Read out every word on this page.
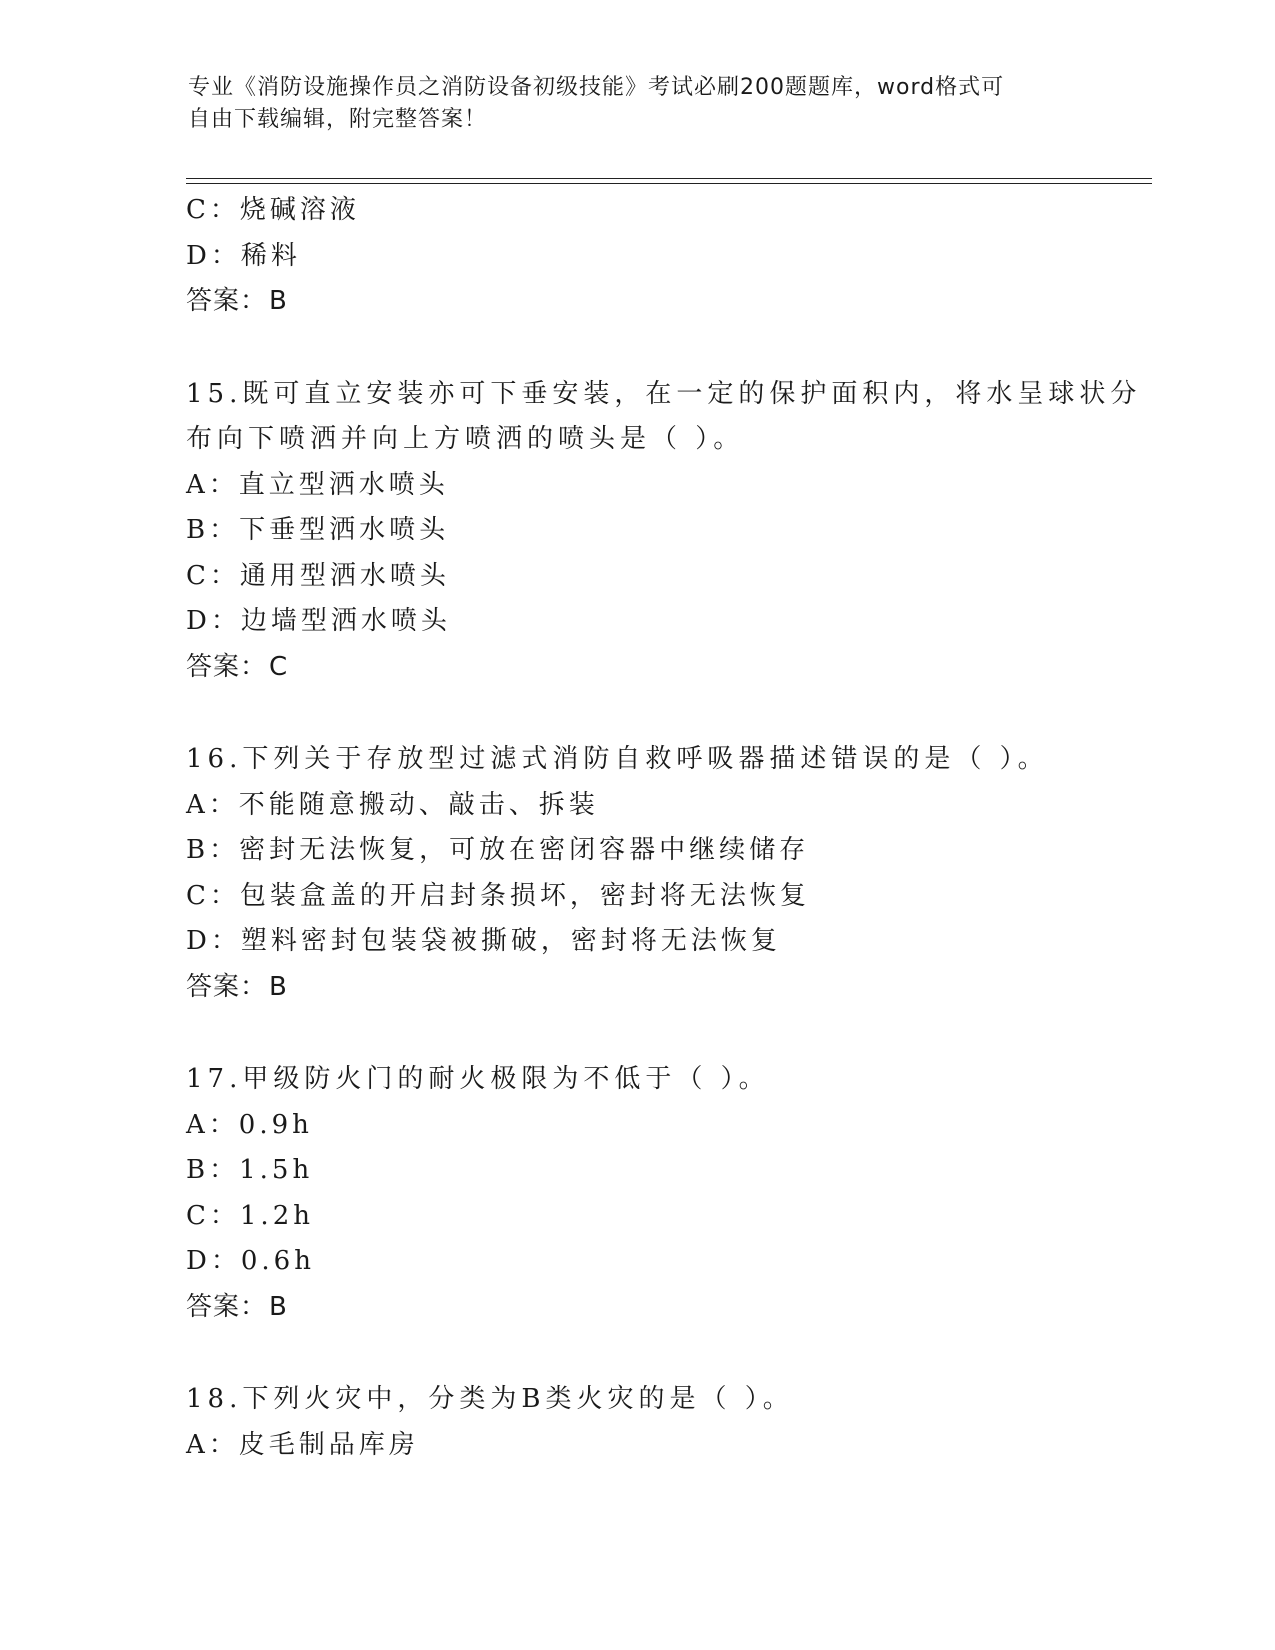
专业《消防设施操作员之消防设备初级技能》考试必刷200题题库，word格式可
自由下载编辑，附完整答案！
C：烧碱溶液
D：稀料
答案：B
15.既可直立安装亦可下垂安装，在一定的保护面积内，将水呈球状分
布向下喷洒并向上方喷洒的喷头是（ ）。
A：直立型洒水喷头
B：下垂型洒水喷头
C：通用型洒水喷头
D：边墙型洒水喷头
答案：C
16.下列关于存放型过滤式消防自救呼吸器描述错误的是（ ）。
A：不能随意搬动、敲击、拆装
B：密封无法恢复，可放在密闭容器中继续储存
C：包装盒盖的开启封条损坏，密封将无法恢复
D：塑料密封包装袋被撕破，密封将无法恢复
答案：B
17.甲级防火门的耐火极限为不低于（ ）。
A：0.9h
B：1.5h
C：1.2h
D：0.6h
答案：B
18.下列火灾中，分类为B类火灾的是（ ）。
A：皮毛制品库房
